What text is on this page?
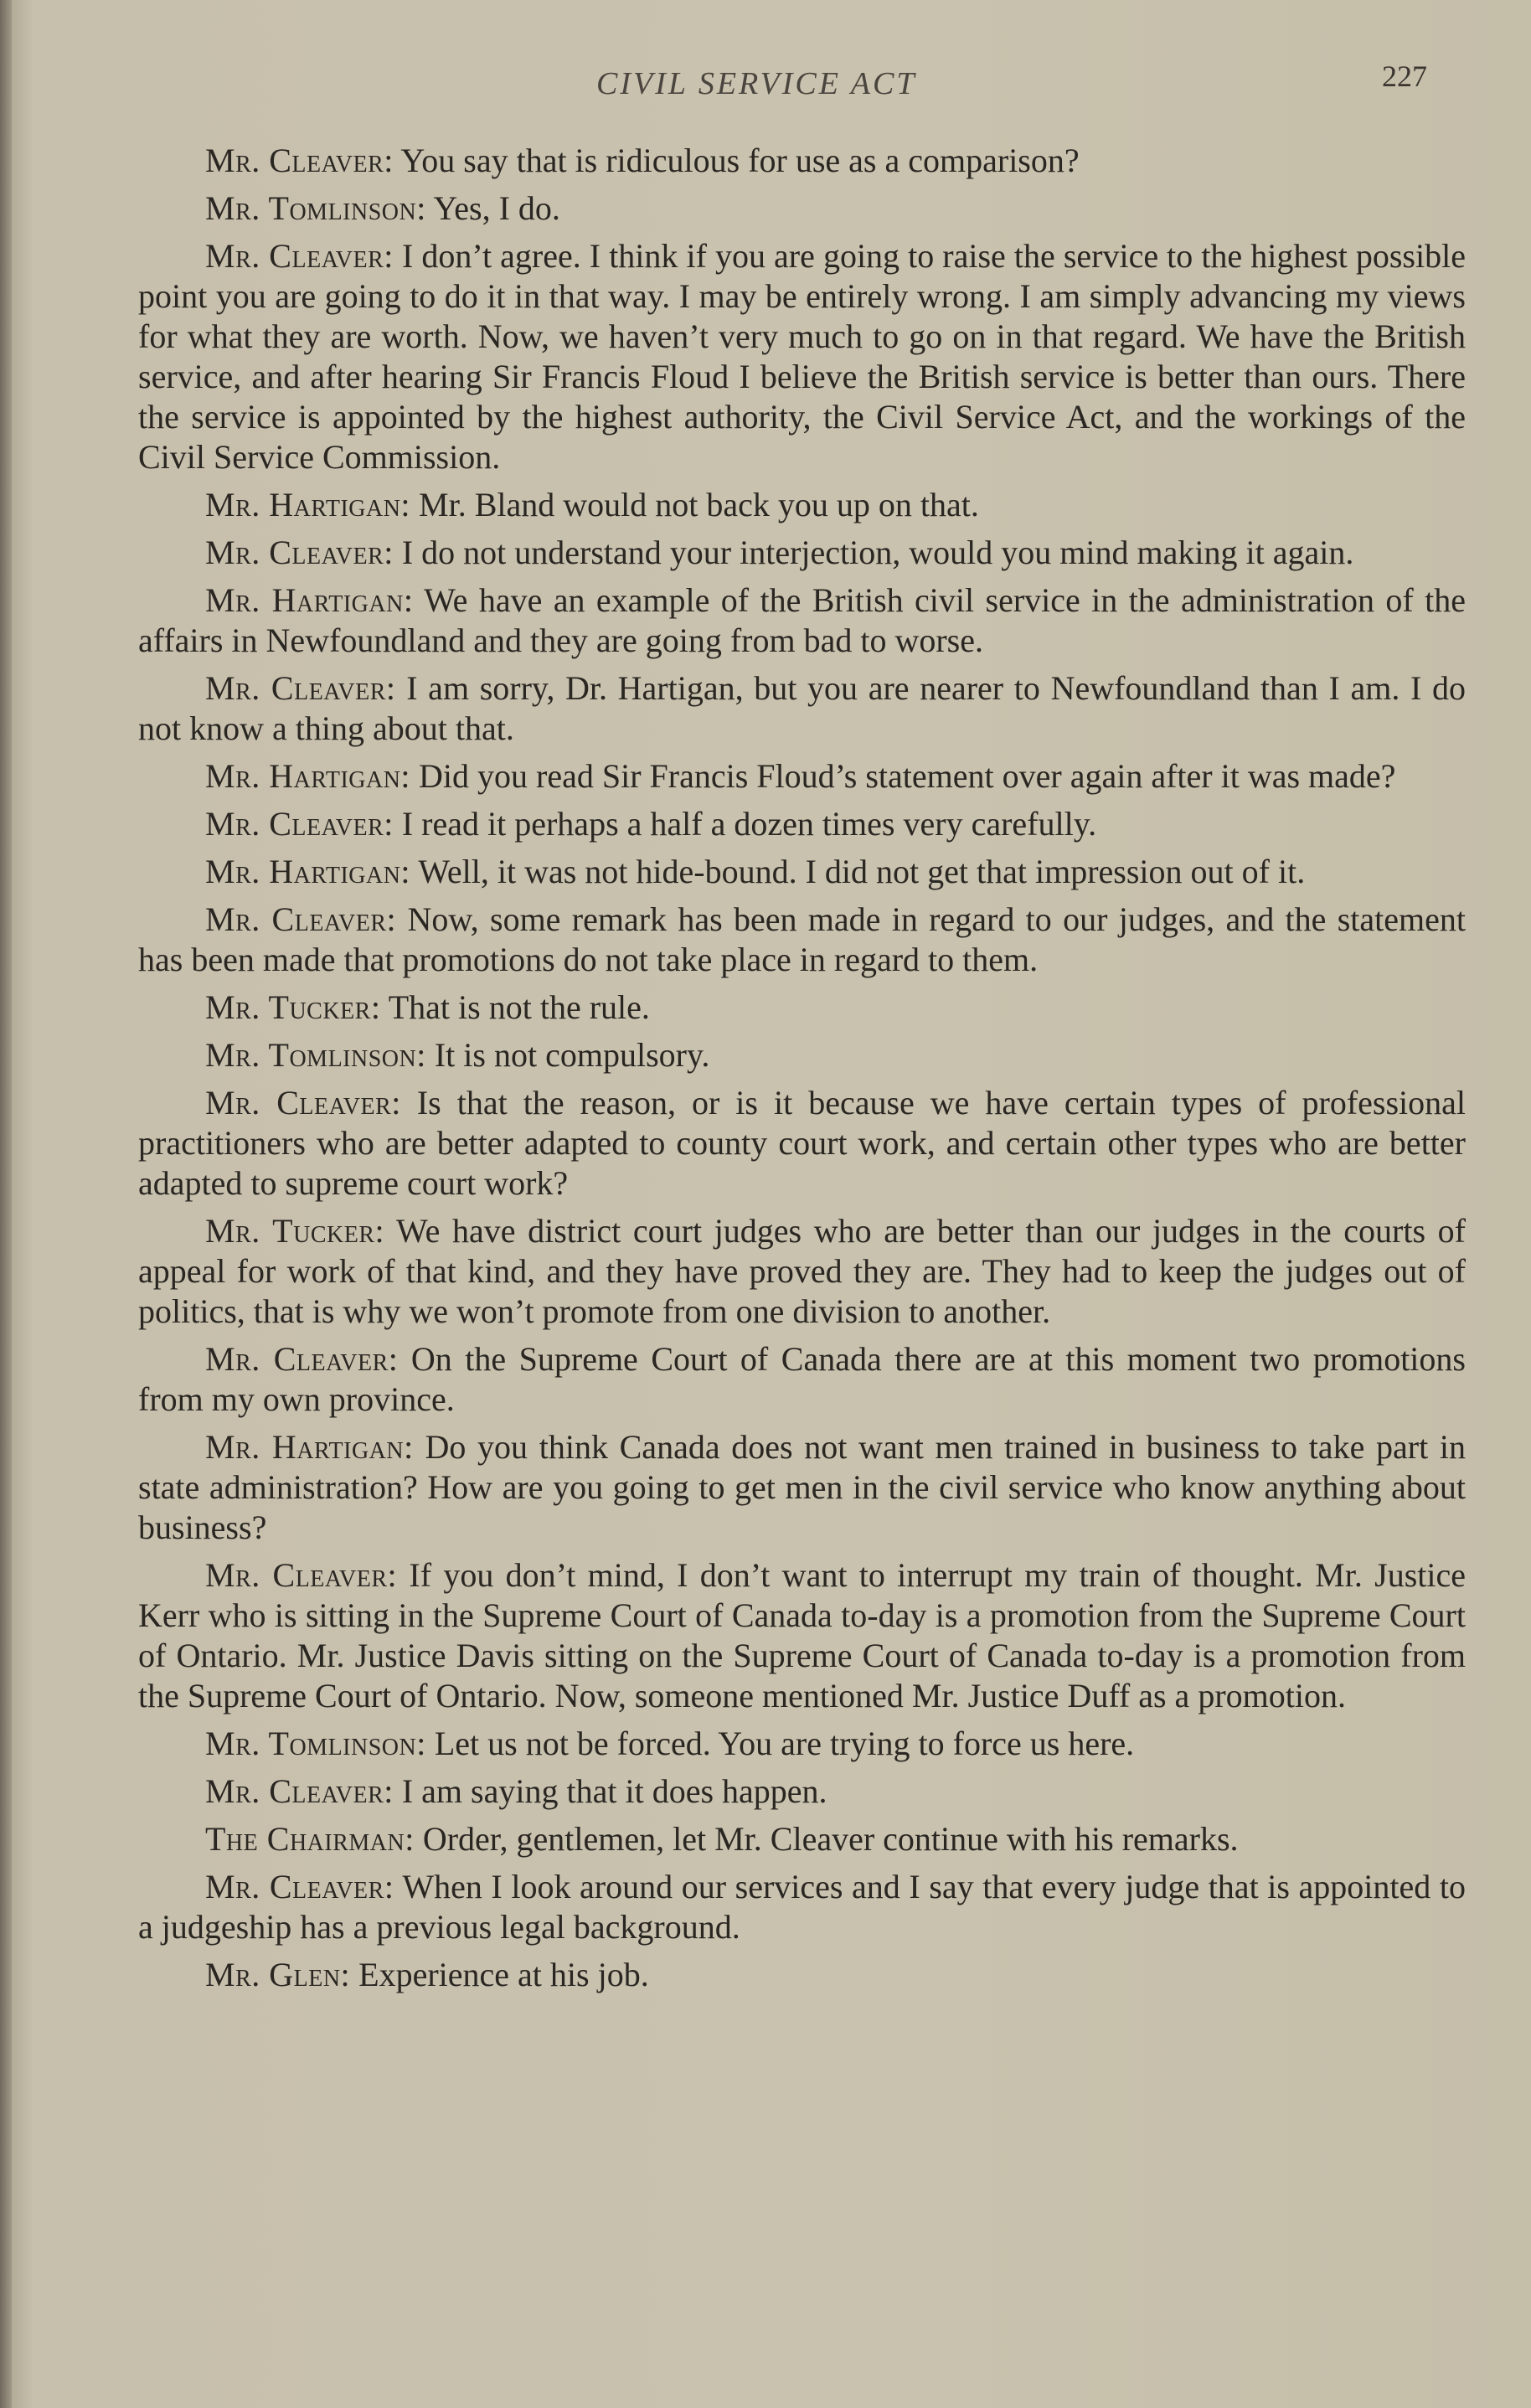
CIVIL SERVICE ACT	227

Mr. Cleaver: You say that is ridiculous for use as a comparison?

Mr. Tomlinson: Yes, I do.

Mr. Cleaver: I don’t agree. I think if you are going to raise the service to the highest possible point you are going to do it in that way. I may be entirely wrong. I am simply advancing my views for what they are worth. Now, we haven’t very much to go on in that regard. We have the British service, and after hearing Sir Francis Floud I believe the British service is better than ours. There the service is appointed by the highest authority, the Civil Service Act, and the workings of the Civil Service Commission.

Mr. Hartigan: Mr. Bland would not back you up on that.

Mr. Cleaver: I do not understand your interjection, would you mind making it again.

Mr. Hartigan: We have an example of the British civil service in the administration of the affairs in Newfoundland and they are going from bad to worse.

Mr. Cleaver: I am sorry, Dr. Hartigan, but you are nearer to Newfoundland than I am. I do not know a thing about that.

Mr. Hartigan: Did you read Sir Francis Floud’s statement over again after it was made?

Mr. Cleaver: I read it perhaps a half a dozen times very carefully.

Mr. Hartigan: Well, it was not hide-bound. I did not get that impression out of it.

Mr. Cleaver: Now, some remark has been made in regard to our judges, and the statement has been made that promotions do not take place in regard to them.

Mr. Tucker: That is not the rule.

Mr. Tomlinson: It is not compulsory.

Mr. Cleaver: Is that the reason, or is it because we have certain types of professional practitioners who are better adapted to county court work, and certain other types who are better adapted to supreme court work?

Mr. Tucker: We have district court judges who are better than our judges in the courts of appeal for work of that kind, and they have proved they are. They had to keep the judges out of politics, that is why we won’t promote from one division to another.

Mr. Cleaver: On the Supreme Court of Canada there are at this moment two promotions from my own province.

Mr. Hartigan: Do you think Canada does not want men trained in business to take part in state administration? How are you going to get men in the civil service who know anything about business?

Mr. Cleaver: If you don’t mind, I don’t want to interrupt my train of thought. Mr. Justice Kerr who is sitting in the Supreme Court of Canada to-day is a promotion from the Supreme Court of Ontario. Mr. Justice Davis sitting on the Supreme Court of Canada to-day is a promotion from the Supreme Court of Ontario. Now, someone mentioned Mr. Justice Duff as a promotion.

Mr. Tomlinson: Let us not be forced. You are trying to force us here.

Mr. Cleaver: I am saying that it does happen.

The Chairman: Order, gentlemen, let Mr. Cleaver continue with his remarks.

Mr. Cleaver: When I look around our services and I say that every judge that is appointed to a judgeship has a previous legal background.

Mr. Glen: Experience at his job.
